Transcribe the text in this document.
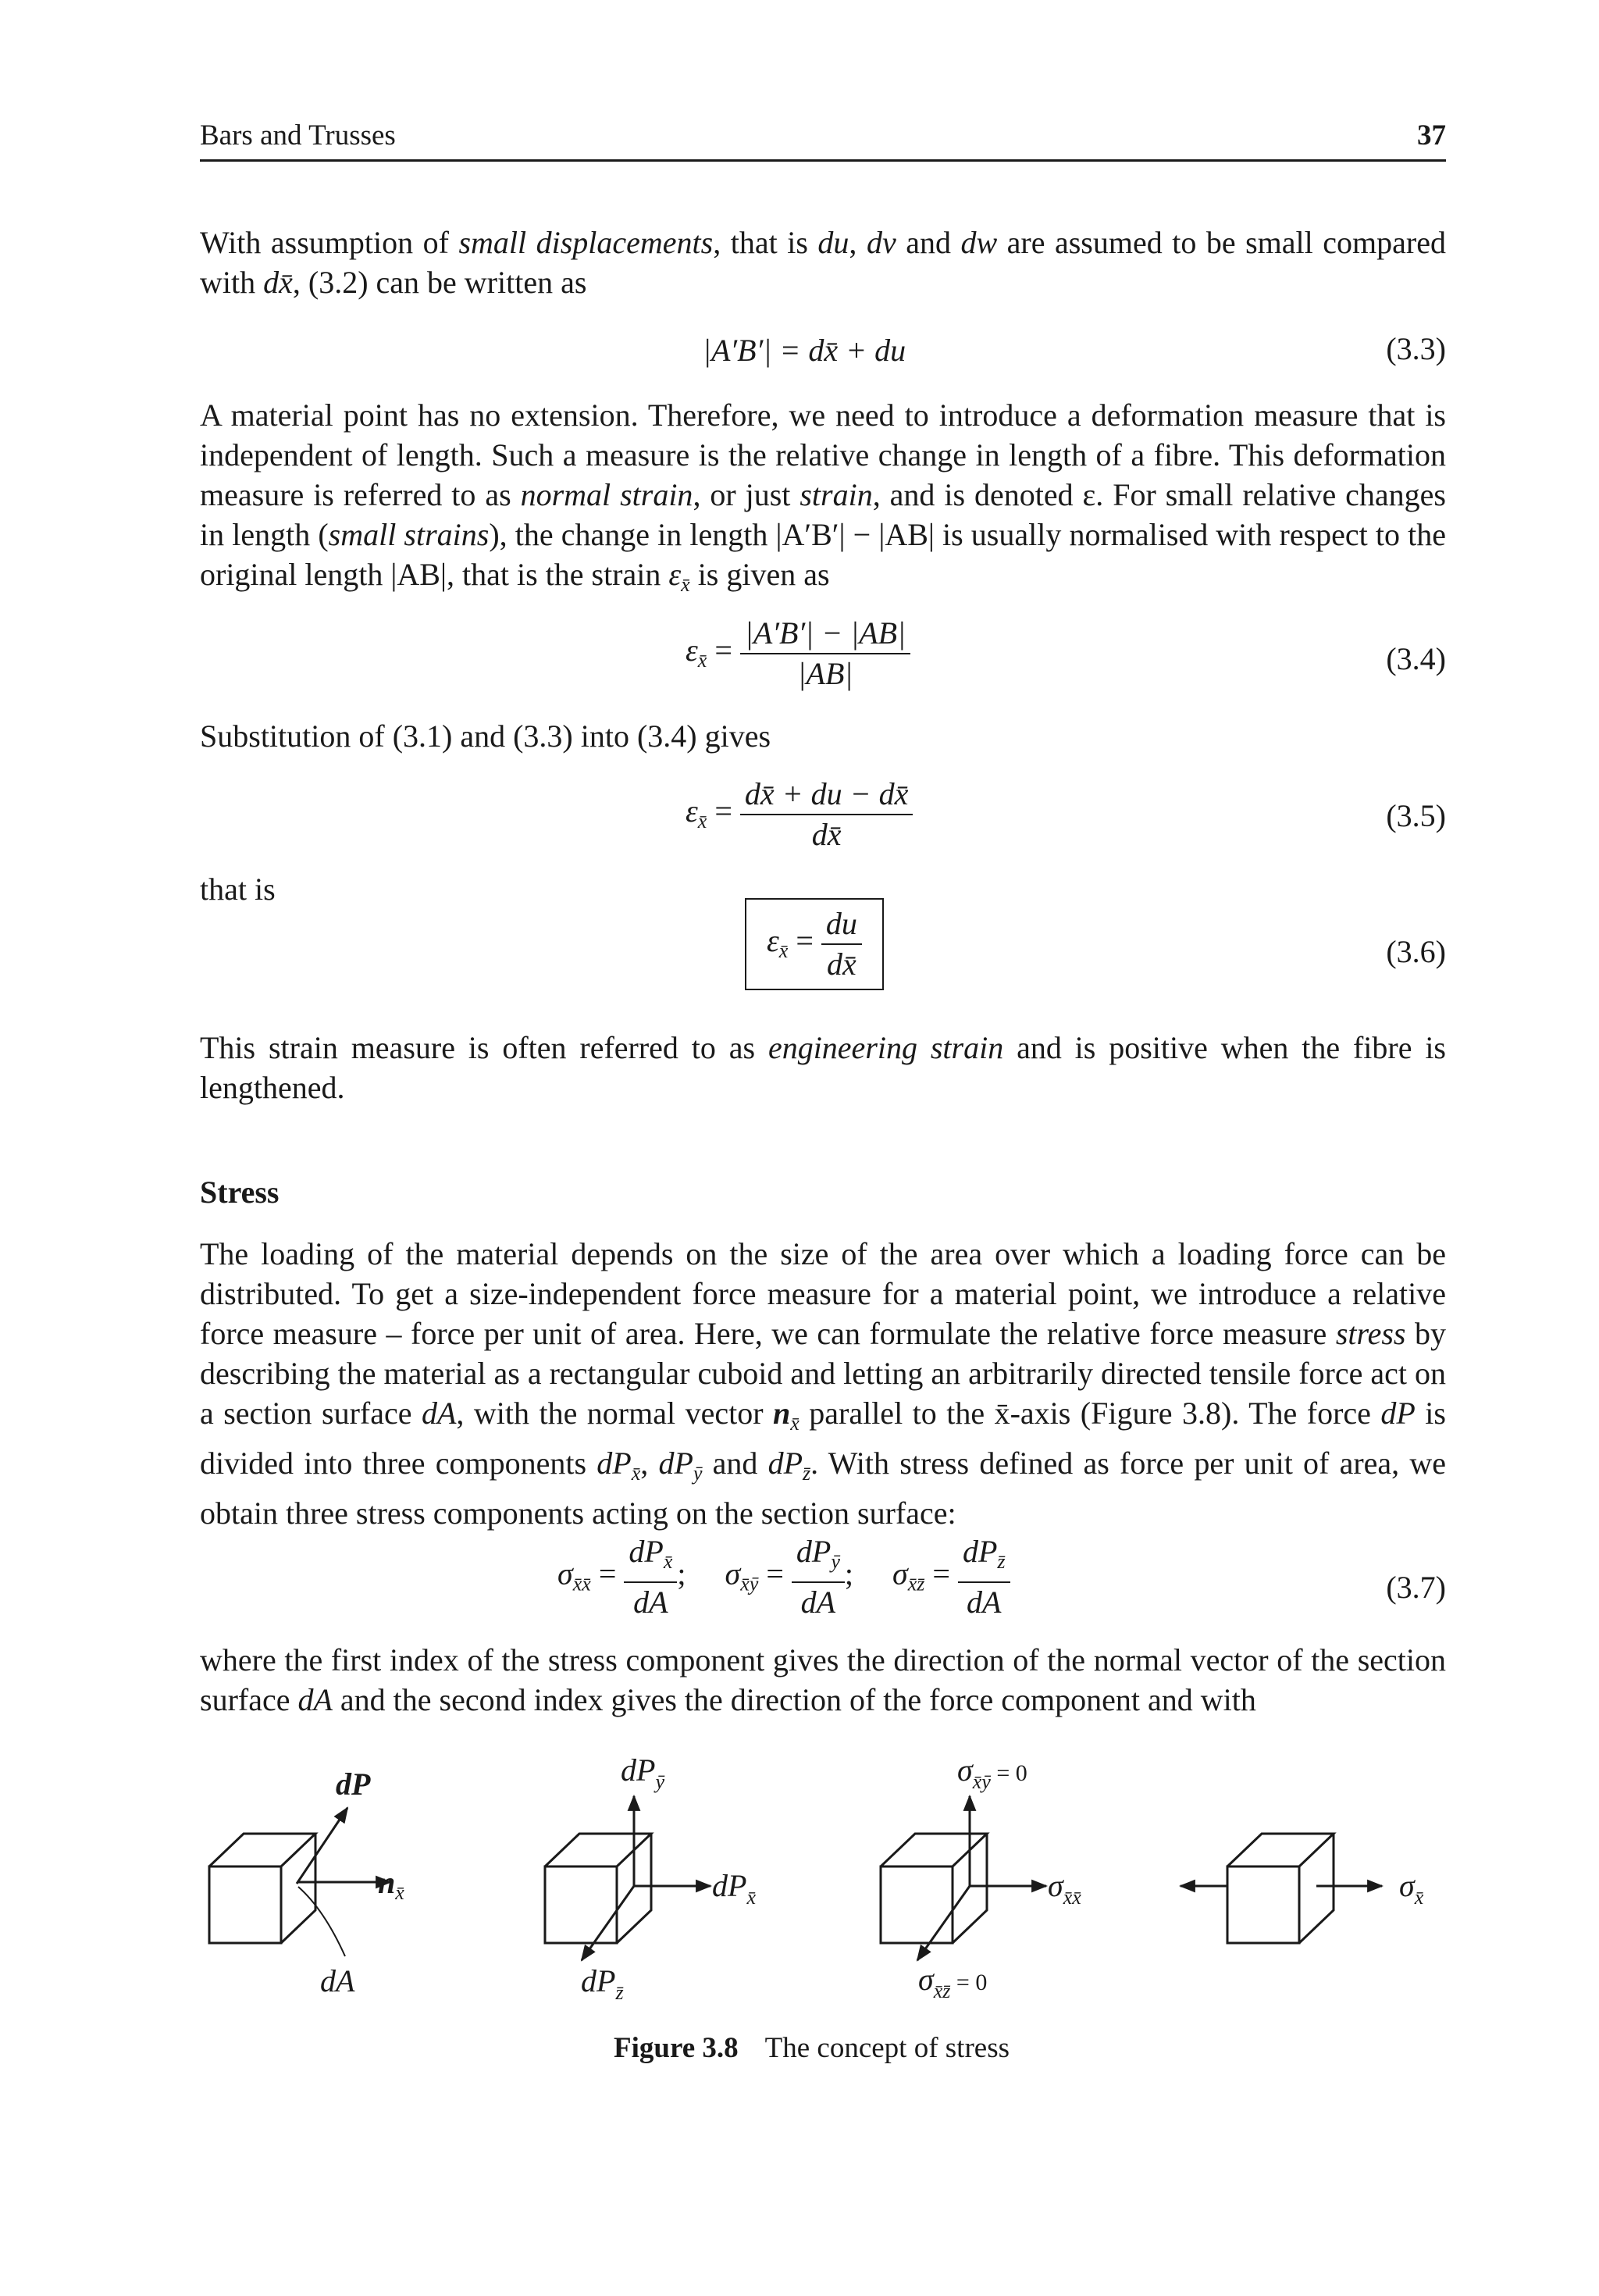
Bars and Trusses	37

With assumption of small displacements, that is du, dv and dw are assumed to be small compared with dx̄, (3.2) can be written as

|A′B′| = dx̄ + du	(3.3)

A material point has no extension. Therefore, we need to introduce a deformation measure that is independent of length. Such a measure is the relative change in length of a fibre. This deformation measure is referred to as normal strain, or just strain, and is denoted ε. For small relative changes in length (small strains), the change in length |A′B′| − |AB| is usually normalised with respect to the original length |AB|, that is the strain $\varepsilon_{x̄}$ is given as

$\varepsilon_{x̄} = \frac{|A'B'| - |AB|}{|AB|}$	(3.4)
Substitution of (3.1) and (3.3) into (3.4) gives
$\varepsilon_{x̄} = \frac{dx̄ + du - dx̄}{dx̄}$	(3.5)
that is
$\varepsilon_{x̄} = \frac{du}{dx̄}$	(3.6)

This strain measure is often referred to as engineering strain and is positive when the fibre is lengthened.

Stress

The loading of the material depends on the size of the area over which a loading force can be distributed. To get a size-independent force measure for a material point, we introduce a relative force measure – force per unit of area. Here, we can formulate the relative force measure stress by describing the material as a rectangular cuboid and letting an arbitrarily directed tensile force act on a section surface dA, with the normal vector $n_{x̄}$ parallel to the x̄-axis (Figure 3.8). The force dP is divided into three components $dP_{x̄}$, $dP_ȳ$ and $dP_{z̄}$. With stress defined as force per unit of area, we obtain three stress components acting on the section surface:

$\sigma_{x̄x̄} = \frac{dP_{x̄}}{dA}$ ; $\sigma_{x̄ȳ} = \frac{dP_ȳ}{dA}$ ; $\sigma_{x̄z̄} = \frac{dP_{z̄}}{dA}$	(3.7)

where the first index of the stress component gives the direction of the normal vector of the section surface dA and the second index gives the direction of the force component and with

dP
$n_{x̄}$
dA
$dP_ȳ$
$dP_{x̄}$
$dP_{z̄}$
$\sigma_{x̄ȳ}$ $^{= 0}$
$\sigma_{x̄x̄}$
$\sigma_{x̄z̄}$ $^{= 0}$
$\sigma_{x̄}$
Figure 3.8 The concept of stress
